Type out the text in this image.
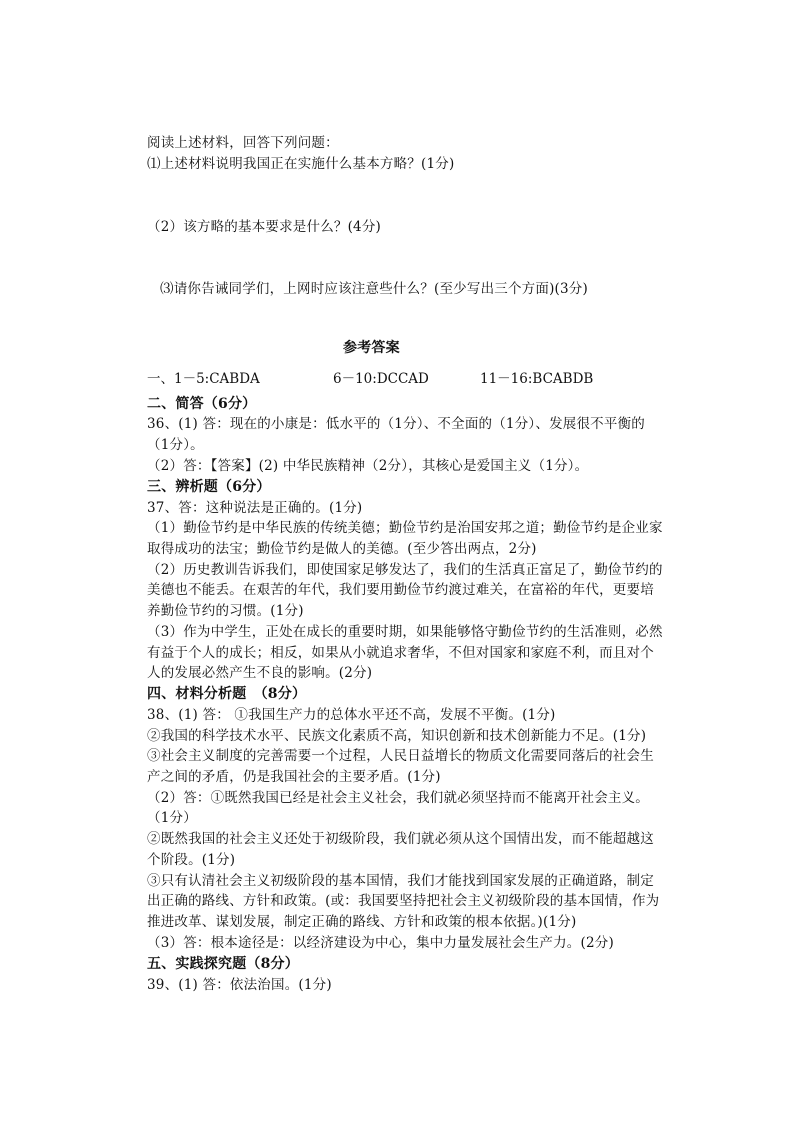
阅读上述材料，回答下列问题：
⑴上述材料说明我国正在实施什么基本方略？(1分)
（2）该方略的基本要求是什么？(4分)
⑶请你告诫同学们，上网时应该注意些什么？(至少写出三个方面)(3分)
参考答案
一、1－5:CABDA	6－10:DCCAD	11－16:BCABDB
二、简答（6分）
36、(1) 答：现在的小康是：低水平的（1分）、不全面的（1分）、发展很不平衡的
（1分）。
（2）答：【答案】(2) 中华民族精神（2分），其核心是爱国主义（1分）。
三、辨析题（6分）
37、答：这种说法是正确的。(1分)
（1）勤俭节约是中华民族的传统美德；勤俭节约是治国安邦之道；勤俭节约是企业家
取得成功的法宝；勤俭节约是做人的美德。(至少答出两点，2分)
（2）历史教训告诉我们，即使国家足够发达了，我们的生活真正富足了，勤俭节约的
美德也不能丢。在艰苦的年代，我们要用勤俭节约渡过难关，在富裕的年代，更要培
养勤俭节约的习惯。(1分)
（3）作为中学生，正处在成长的重要时期，如果能够恪守勤俭节约的生活准则，必然
有益于个人的成长；相反，如果从小就追求奢华，不但对国家和家庭不利，而且对个
人的发展必然产生不良的影响。(2分)
四、材料分析题　（8分）
38、(1) 答： ①我国生产力的总体水平还不高，发展不平衡。(1分)
②我国的科学技术水平、民族文化素质不高，知识创新和技术创新能力不足。(1分)
③社会主义制度的完善需要一个过程，人民日益增长的物质文化需要同落后的社会生
产之间的矛盾，仍是我国社会的主要矛盾。(1分)
（2）答：①既然我国已经是社会主义社会，我们就必须坚持而不能离开社会主义。
（1分）
②既然我国的社会主义还处于初级阶段，我们就必须从这个国情出发，而不能超越这
个阶段。(1分)
③只有认清社会主义初级阶段的基本国情，我们才能找到国家发展的正确道路，制定
出正确的路线、方针和政策。(或：我国要坚持把社会主义初级阶段的基本国情，作为
推进改革、谋划发展，制定正确的路线、方针和政策的根本依据。)(1分)
（3）答：根本途径是：以经济建设为中心，集中力量发展社会生产力。(2分)
五、实践探究题（8分）
39、(1) 答：依法治国。(1分)
